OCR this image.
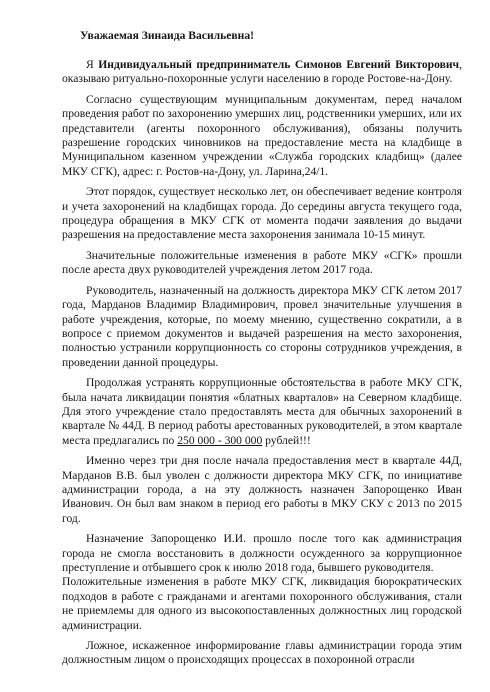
Уважаемая Зинаида Васильевна!

Я Индивидуальный предприниматель Симонов Евгений Викторович, оказываю ритуально-похоронные услуги населению в городе Ростове-на-Дону.

Согласно существующим муниципальным документам, перед началом проведения работ по захоронению умерших лиц, родственники умерших, или их представители (агенты похоронного обслуживания), обязаны получить разрешение городских чиновников на предоставление места на кладбище в Муниципальном казенном учреждении «Служба городских кладбищ» (далее МКУ СГК), адрес: г. Ростов-на-Дону, ул. Ларина,24/1.

Этот порядок, существует несколько лет, он обеспечивает ведение контроля и учета захоронений на кладбищах города. До середины августа текущего года, процедура обращения в МКУ СГК от момента подачи заявления до выдачи разрешения на предоставление места захоронения занимала 10-15 минут.

Значительные положительные изменения в работе МКУ «СГК» прошли после ареста двух руководителей учреждения летом 2017 года.

Руководитель, назначенный на должность директора МКУ СГК летом 2017 года, Марданов Владимир Владимирович, провел значительные улучшения в работе учреждения, которые, по моему мнению, существенно сократили, а в вопросе с приемом документов и выдачей разрешения на место захоронения, полностью устранили коррупционность со стороны сотрудников учреждения, в проведении данной процедуры.

Продолжая устранять коррупционные обстоятельства в работе МКУ СГК, была начата ликвидации понятия «блатных кварталов» на Северном кладбище. Для этого учреждение стало предоставлять места для обычных захоронений в квартале № 44Д. В период работы арестованных руководителей, в этом квартале места предлагались по 250 000 - 300 000 рублей!!!

Именно через три дня после начала предоставления мест в квартале 44Д, Марданов В.В. был уволен с должности директора МКУ СГК, по инициативе администрации города, а на эту должность назначен Запорощенко Иван Иванович. Он был вам знаком в период его работы в МКУ СКУ с 2013 по 2015 год.

Назначение Запорощенко И.И. прошло после того как администрация города не смогла восстановить в должности осужденного за коррупционное преступление и отбывшего срок к июлю 2018 года, бывшего руководителя.

Положительные изменения в работе МКУ СГК, ликвидация бюрократических подходов в работе с гражданами и агентами похоронного обслуживания, стали не приемлемы для одного из высокопоставленных должностных лиц городской администрации.

Ложное, искаженное информирование главы администрации города этим должностным лицом о происходящих процессах в похоронной отрасли
